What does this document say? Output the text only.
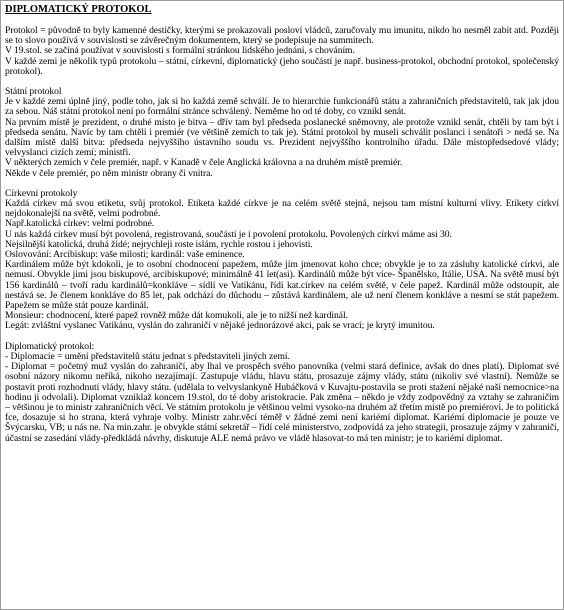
DIPLOMATICKÝ PROTOKOL

Protokol = původně to byly kamenné destičky, kterými se prokazovali posloví vládců, zaručovaly mu imunitu, nikdo ho nesměl zabít atd. Později se to slovo používá v souvislosti se závěrečným dokumentem, který se podepisuje na summitech.

V 19.stol. se začíná používat v souvislosti s formální stránkou lidského jednání, s chováním.

V každé zemi je několik typů protokolu – státní, církevní, diplomatický (jeho součástí je např. business-protokol, obchodní protokol, společenský protokol).

Státní protokol

Je v každé zemi úplně jiný, podle toho, jak si ho každá země schválí. Je to hierarchie funkcionářů státu a zahraničních představitelů, tak jak jdou za sebou. Náš státní protokol není po formální stránce schválený. Neměme ho od té doby, co vznikl senát.

Na prvním místě je prezident, o druhé místo je bitva – dřív tam byl předseda poslanecké sněmovny, ale protože vznikl senát, chtěli by tam být i předseda senátu. Navíc by tam chtěli i premiér (ve většině zemích to tak je). Státní protokol by museli schválit poslanci i senátoři > nedá se. Na dalším místě další bitva: předseda nejvyššího ústavního soudu vs. Prezident nejvyššího kontrolního úřadu. Dále místopředsedové vlády; velvyslanci cizích zemí; ministři.

V některých zemích v čele premiér, např. v Kanadě v čele Anglická královna a na druhém místě premiér.

Někde v čele premiér, po něm ministr obrany či vnitra.

Církevní protokoly

Každá církev má svou etiketu, svůj protokol. Etiketa každé církve je na celém světě stejná, nejsou tam místní kulturní vlivy. Etikety církví nejdokonalejší na světě, velmi podrobné.

Např.katolická církev: velmi podrobné.

U nás každá církev musí být povolená, registrovaná, součástí je i povolení protokolu. Povolených církví máme asi 30.

Nejsilnější katolická, druhá židé; nejrychleji roste islám, rychle rostou i jehovisti.

Oslovování: Arcibiskup: vaše milosti; kardinál: vaše eminence.

Kardinálem může být kdokoli, je to osobní chodnocení papežem, může jím jmenovat koho chce; obvykle je to za zásluhy katolické církvi, ale nemusí. Obvykle jimi jsou biskupové, arcibiskupové; minimálně 41 let(asi). Kardinálů může být více- Španělsko, Itálie, USA. Na světě musí být 156 kardinálů – tvoří radu kardinálů=konkláve – sídlí ve Vatikánu, řídí kat.církev na celém světě, v čele papež. Kardinál může odstoupit, ale nestává se. Je členem konkláve do 85 let, pak odchází do důchodu – zůstává kardinálem, ale už není členem konkláve a nesmí se stát papežem. Papežem se může stát pouze kardinál.

Monsieur: chodnocení, které papež rovněž může dát komukoli, ale je to nižší než kardinál.

Legát: zvláštní vyslanec Vatikánu, vyslán do zahraničí v nějaké jednorázové akci, pak se vrací; je krytý imunitou.

Diplomatický protokol:

- Diplomacie = umění představitelů státu jednat s představiteli jiných zemí.

- Diplomat = početný muž vyslán do zahraničí, aby lhal ve prospěch svého panovníka (velmi stará definice, avšak do dnes platí). Diplomat své osobní názory nikomu neříká, nikoho nezajímají. Zastupuje vládu, hlavu státu, prosazuje zájmy vlády, státu (nikoliv své vlastní). Nemůže se postavit proti rozhodnutí vlády, hlavy státu. (udělala to velvyslankyně Hubáčková v Kuvajtu-postavila se proti stažení nějaké naší nemocnice>na hodinu ji odvolali). Diplomat vzniklaž koncem 19.stol, do té doby aristokracie. Pak změna – někdo je vždy zodpovědný za vztahy se zahraničím – většinou je to ministr zahraničních věcí. Ve státním protokolu je většinou velmi vysoko-na druhém až třetím místě po premiérovi. Je to politická fce, dosazuje si ho strana, která vyhraje volby. Ministr zahr.věcí téměř v žádné zemi není kariémí diplomat. Kariémí diplomacie je pouze ve Švýcarsku, VB; u nás ne. Na min.zahr. je obvykle státní sekretář – řídí celé ministerstvo, zodpovídá za jeho strategii, prosazuje zájmy v zahraničí, účastní se zasedání vlády-předkládá návrhy, diskutuje ALE nemá právo ve vládě hlasovat-to má ten ministr; je to kariémí diplomat.
